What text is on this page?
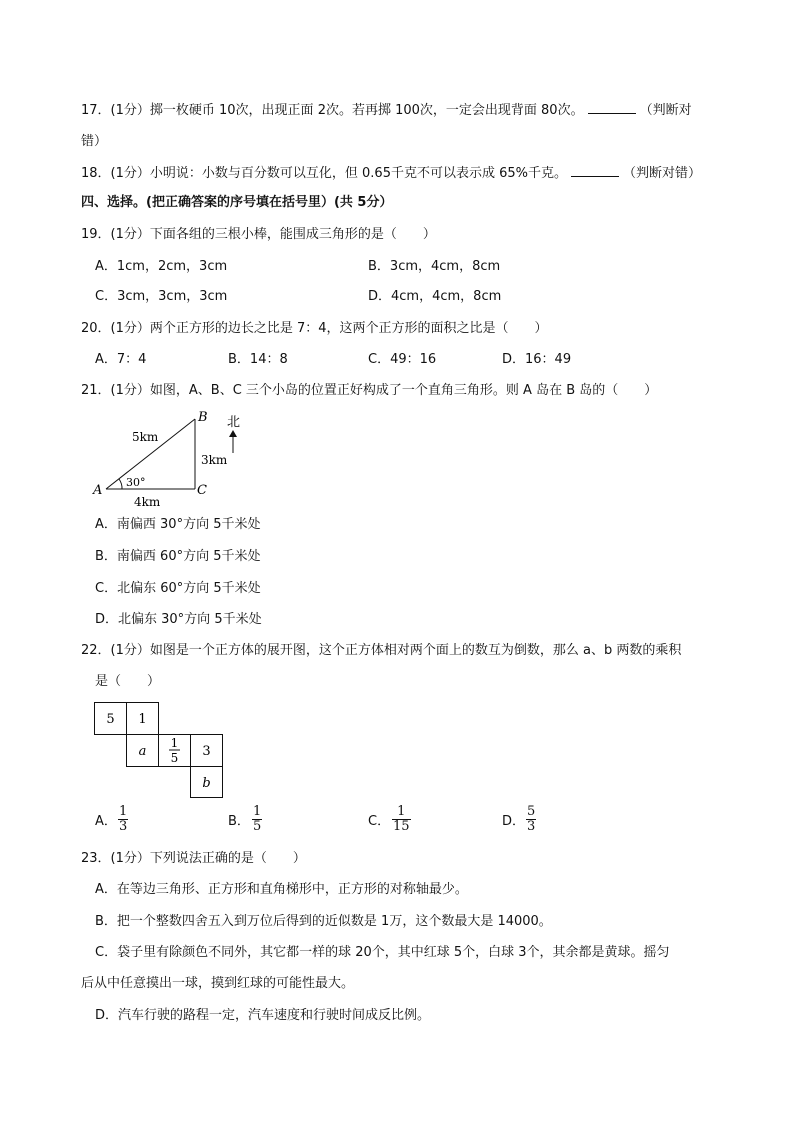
17．(1分）掷一枚硬币 10次，出现正面 2次。若再掷 100次，一定会出现背面 80次。	（判断对
错）
18．(1分）小明说：小数与百分数可以互化，但 0.65千克不可以表示成 65%千克。	（判断对错）
四、选择。(把正确答案的序号填在括号里）(共 5分）
19．(1分）下面各组的三根小棒，能围成三角形的是（　　）
A．1cm，2cm，3cm	B．3cm，4cm，8cm
C．3cm，3cm，3cm	D．4cm，4cm，8cm
20．(1分）两个正方形的边长之比是 7：4，这两个正方形的面积之比是（　　）
A．7：4	B．14：8	C．49：16	D．16：49
21．(1分）如图，A、B、C 三个小岛的位置正好构成了一个直角三角形。则 A 岛在 B 岛的（　　）
A
B
C
5km
3km
4km
30°
北
A．南偏西 30°方向 5千米处
B．南偏西 60°方向 5千米处
C．北偏东 60°方向 5千米处
D．北偏东 30°方向 5千米处
22．(1分）如图是一个正方体的展开图，这个正方体相对两个面上的数互为倒数，那么 a、b 两数的乘积
是（　　）
5 1
a
1
5 3
b
A．
1
3	B．
1
5	C．
1
15	D．
5
3
23．(1分）下列说法正确的是（　　）
A．在等边三角形、正方形和直角梯形中，正方形的对称轴最少。
B．把一个整数四舍五入到万位后得到的近似数是 1万，这个数最大是 14000。
C．袋子里有除颜色不同外，其它都一样的球 20个，其中红球 5个，白球 3个，其余都是黄球。摇匀
后从中任意摸出一球，摸到红球的可能性最大。
D．汽车行驶的路程一定，汽车速度和行驶时间成反比例。
